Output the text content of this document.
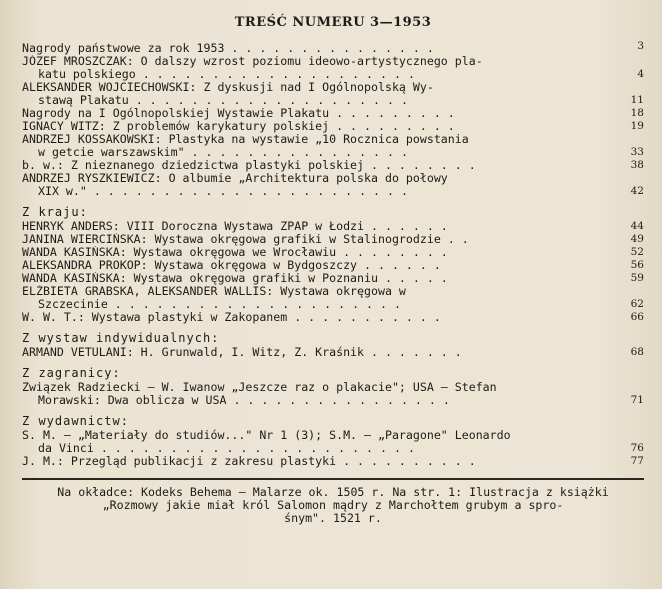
TREŚĆ NUMERU 3—1953
Nagrody państwowe za rok 1953 . . . . . . . . . . . . . . .	3
JÓZEF MROSZCZAK: O dalszy wzrost poziomu ideowo-artystycznego pla-
katu polskiego . . . . . . . . . . . . . . . . . . . .	4
ALEKSANDER WOJCIECHOWSKI: Z dyskusji nad I Ogólnopolską Wy-
stawą Plakatu . . . . . . . . . . . . . . . . . . . .	11
Nagrody na I Ogólnopolskiej Wystawie Plakatu . . . . . . . . .	18
IGNACY WITZ: Z problemów karykatury polskiej . . . . . . . . .	19
ANDRZEJ KOSSAKOWSKI: Plastyka na wystawie „10 Rocznica powstania
w getcie warszawskim" . . . . . . . . . . . . . . . .	33
b. w.: Z nieznanego dziedzictwa plastyki polskiej . . . . . . . .	38
ANDRZEJ RYSZKIEWICZ: O albumie „Architektura polska do połowy
XIX w." . . . . . . . . . . . . . . . . . . . . . . .	42
Z kraju:
HENRYK ANDERS: VIII Doroczna Wystawa ZPAP w Łodzi . . . . . .	44
JANINA WIERCIŃSKA: Wystawa okręgowa grafiki w Stalinogrodzie . .	49
WANDA KASIŃSKA: Wystawa okręgowa we Wrocławiu . . . . . . . .	52
ALEKSANDRA PROKOP: Wystawa okręgowa w Bydgoszczy . . . . . .	56
WANDA KASIŃSKA: Wystawa okręgowa grafiki w Poznaniu . . . . .	59
ELŻBIETA GRABSKA, ALEKSANDER WALLIS: Wystawa okręgowa w
Szczecinie . . . . . . . . . . . . . . . . . . . . .	62
W. W. T.: Wystawa plastyki w Zakopanem . . . . . . . . . . .	66
Z wystaw indywidualnych:
ARMAND VETULANI: H. Grunwald, I. Witz, Z. Kraśnik . . . . . . .	68
Z zagranicy:
Związek Radziecki — W. Iwanow „Jeszcze raz o plakacie"; USA — Stefan
Morawski: Dwa oblicza w USA . . . . . . . . . . . . . . . .	71
Z wydawnictw:
S. M. — „Materiały do studiów..." Nr 1 (3); S.M. — „Paragone" Leonardo
da Vinci . . . . . . . . . . . . . . . . . . . . . . .	76
J. M.: Przegląd publikacji z zakresu plastyki . . . . . . . . . .	77
Na okładce: Kodeks Behema — Malarze ok. 1505 r. Na str. 1: Ilustracja z książki
„Rozmowy jakie miał król Salomon mądry z Marchołtem grubym a spro-
śnym". 1521 r.
